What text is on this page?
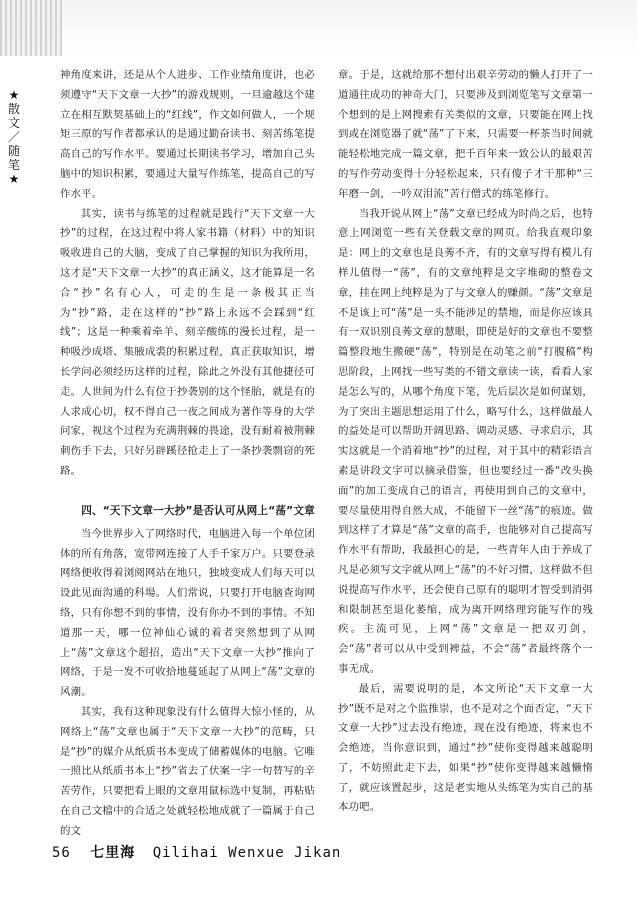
★
散
文
／
随
笔
★

神角度来讲，还是从个人进步、工作业绩角度讲，也必须遵守“天下文章一大抄”的游戏规则，一旦逾越这个建立在相互默契基础上的“红线”，作文如何做人，一个规矩三原的写作者都承认的是通过勤奋读书、刻苦练笔提高自己的写作水平。要通过长期读书学习，增加自己头脑中的知识积累，要通过大量写作练笔，提高自己的写作水平。

其实，读书与练笔的过程就是践行“天下文章一大抄”的过程，在这过程中将人家书籍（材料）中的知识吸收进自己的大脑，变成了自己掌握的知识为我所用，这才是“天下文章一大抄”的真正涵义，这才能算是一名合“抄”名有心人，可走的生是一条极其正当为“抄”路，走在这样的“抄”路上永远不会踩到“红线”；这是一种乘着牵羊、刻辛酸练的漫长过程，是一种吸沙成塔、集腋成裘的积累过程，真正获取知识，增长学问必须经历这样的过程，除此之外没有其他捷径可走。人世间为什么有位于抄袭别的这个怪胎，就是有的人求成心切，权不得自己一夜之间成为著作等身的大学问家，视这个过程为充满荆棘的畏途，没有耐着被荆棘刺伤手下去，只好另辟蹊径抢走上了一条抄袭剽窃的死路。

四、“天下文章一大抄”是否认可从网上“荡”文章

当今世界步入了网络时代，电脑进入每一个单位团体的所有角落，宽带网连接了人手千家万户。只要登录网络便收得着浏阅网站在地只，独坡变成人们每天可以设此见面沟通的科場。人们常说，只要打开电脑查询网络，只有你想不到的事情，没有你办不到的事情。不知道那一天，哪一位神仙心诚的着者突然想到了从网上“荡”文章这个超招，造出“天下文章一大抄”推向了网络，于是一发不可收拾地蔓延起了从网上“荡”文章的风潮。

其实，我有这种现象没有什么值得大惊小怪的，从网络上“荡”文章也属于“天下文章一大抄”的范畴，只是“抄”的媒介从纸质书本变成了储蓄媒体的电脑。它唯一照比从纸质书本上“抄”省去了伏案一字一句替写的辛苦劳作，只要把看上眼的文章用鼠标选中复制，再粘贴在自己文檔中的合适之处就轻松地成就了一篇属于自己的文

章。于是，这就给那不想付出艰辛劳动的懒人打开了一道通往成功的神奇大门，只要涉及到浏览笔写文章第一个想到的是上网搜索有关类似的文章，只要能在网上找到或在浏览器了就“荡”了下来，只需要一杯茶当时间就能轻松地完成一篇文章，把千百年来一致公认的最艰苦的写作劳动变得十分轻松起来，只有傻子才干那种“三年磨一剑，一吟双泪流”苦行僧式的练笔修行。

当我开说从网上“荡”文章已经成为时尚之后，也特意上网浏览一些有关登载文章的网页。给我直观印象是：网上的文章也是良莠不齐，有的文章写得有模儿有样儿值得一“荡”，有的文章纯粹是文字堆砌的整卷文章，挂在网上纯粹是为了与文章人的赚颜。“荡”文章是不是该上可“荡”是一头不能涉足的禁地，而是你应该具有一双识别良莠文章的慧眼，即使是好的文章也不要整篇整段地生搬硬“荡”，特别是在动笔之前“打腹稿”构思阶段，上网找一些写类的不错文章读一读，看看人家是怎么写的，从哪个角度下笔，先后层次是如何谋划，为了突出主题思想运用了什么，略写什么，这样做最人的益处是可以帮助开阔思路、调动灵感、寻求启示，其实这就是一个消着地“抄”的过程，对于其中的精彩语言素是讲段文字可以摘录借鉴，但也要经过一番“改头换面”的加工变成自己的语言，再使用到自己的文章中，要尽量使用得自然大成，不能留下一丝“荡”的痕迹。做到这样了才算是“荡”文章的高手，也能够对自己提高写作水平有帮助，我最担心的是，一些青年人由于养成了凡是必须写文字就从网上“荡”的不好习惯，这样做不但说提高写作水平，还会使自己原有的聪明才智受到消弭和限制甚至退化萎缩，成为离开网络理窍能写作的残疾。主流可见，上网“荡”文章是一把双刃剑，会“荡”者可以从中受到裨益，不会“荡”者最终落个一事无成。

最后，需要说明的是，本文所论“天下文章一大抄”既不是对之个监推崇，也不是对之个面否定，“天下文章一大抄”过去没有绝迹，现在没有绝迹，将来也不会绝迹，当你意识到，通过“抄”使你变得越来越聪明了，不妨照此走下去，如果“抄”使你变得越来越懒惰了，就应该置起步，这是老实地从头练笔为实自己的基本功吧。

56 七里海 Qilihai Wenxue Jikan
